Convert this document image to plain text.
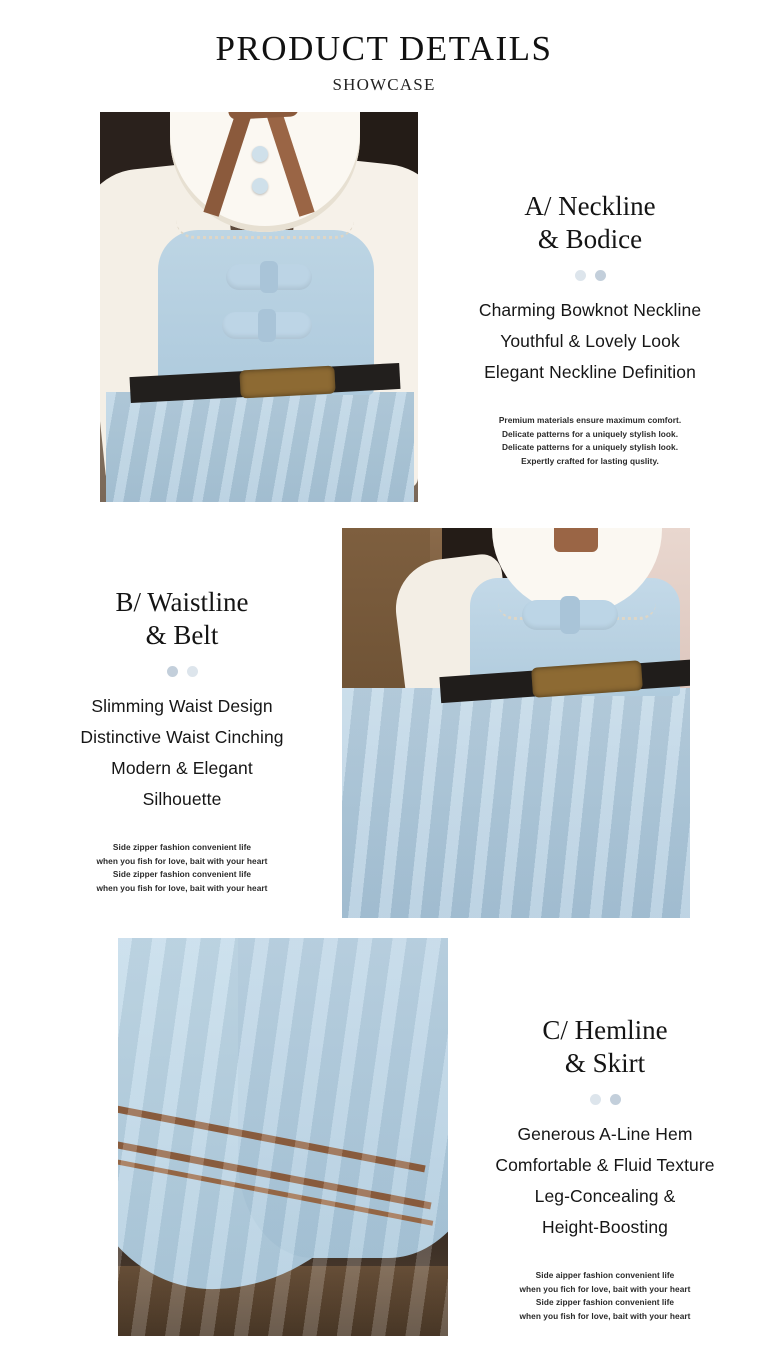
PRODUCT DETAILS
SHOWCASE
A/ Neckline
& Bodice
Charming Bowknot Neckline
Youthful & Lovely Look
Elegant Neckline Definition
Premium materials ensure maximum comfort.
Delicate patterns for a uniquely stylish look.
Delicate patterns for a uniquely stylish look.
Expertly crafted for lasting quslity.
B/ Waistline
& Belt
Slimming Waist Design
Distinctive Waist Cinching
Modern & Elegant
Silhouette
Side zipper fashion convenient life
when you fish for love, bait with your heart
Side zipper fashion convenient life
when you fish for love, bait with your heart
C/ Hemline
& Skirt
Generous A-Line Hem
Comfortable & Fluid Texture
Leg-Concealing &
Height-Boosting
Side aipper fashion convenient life
when you fich for love, bait with your heart
Side zipper fashion convenient life
when you fish for love, bait with your heart
